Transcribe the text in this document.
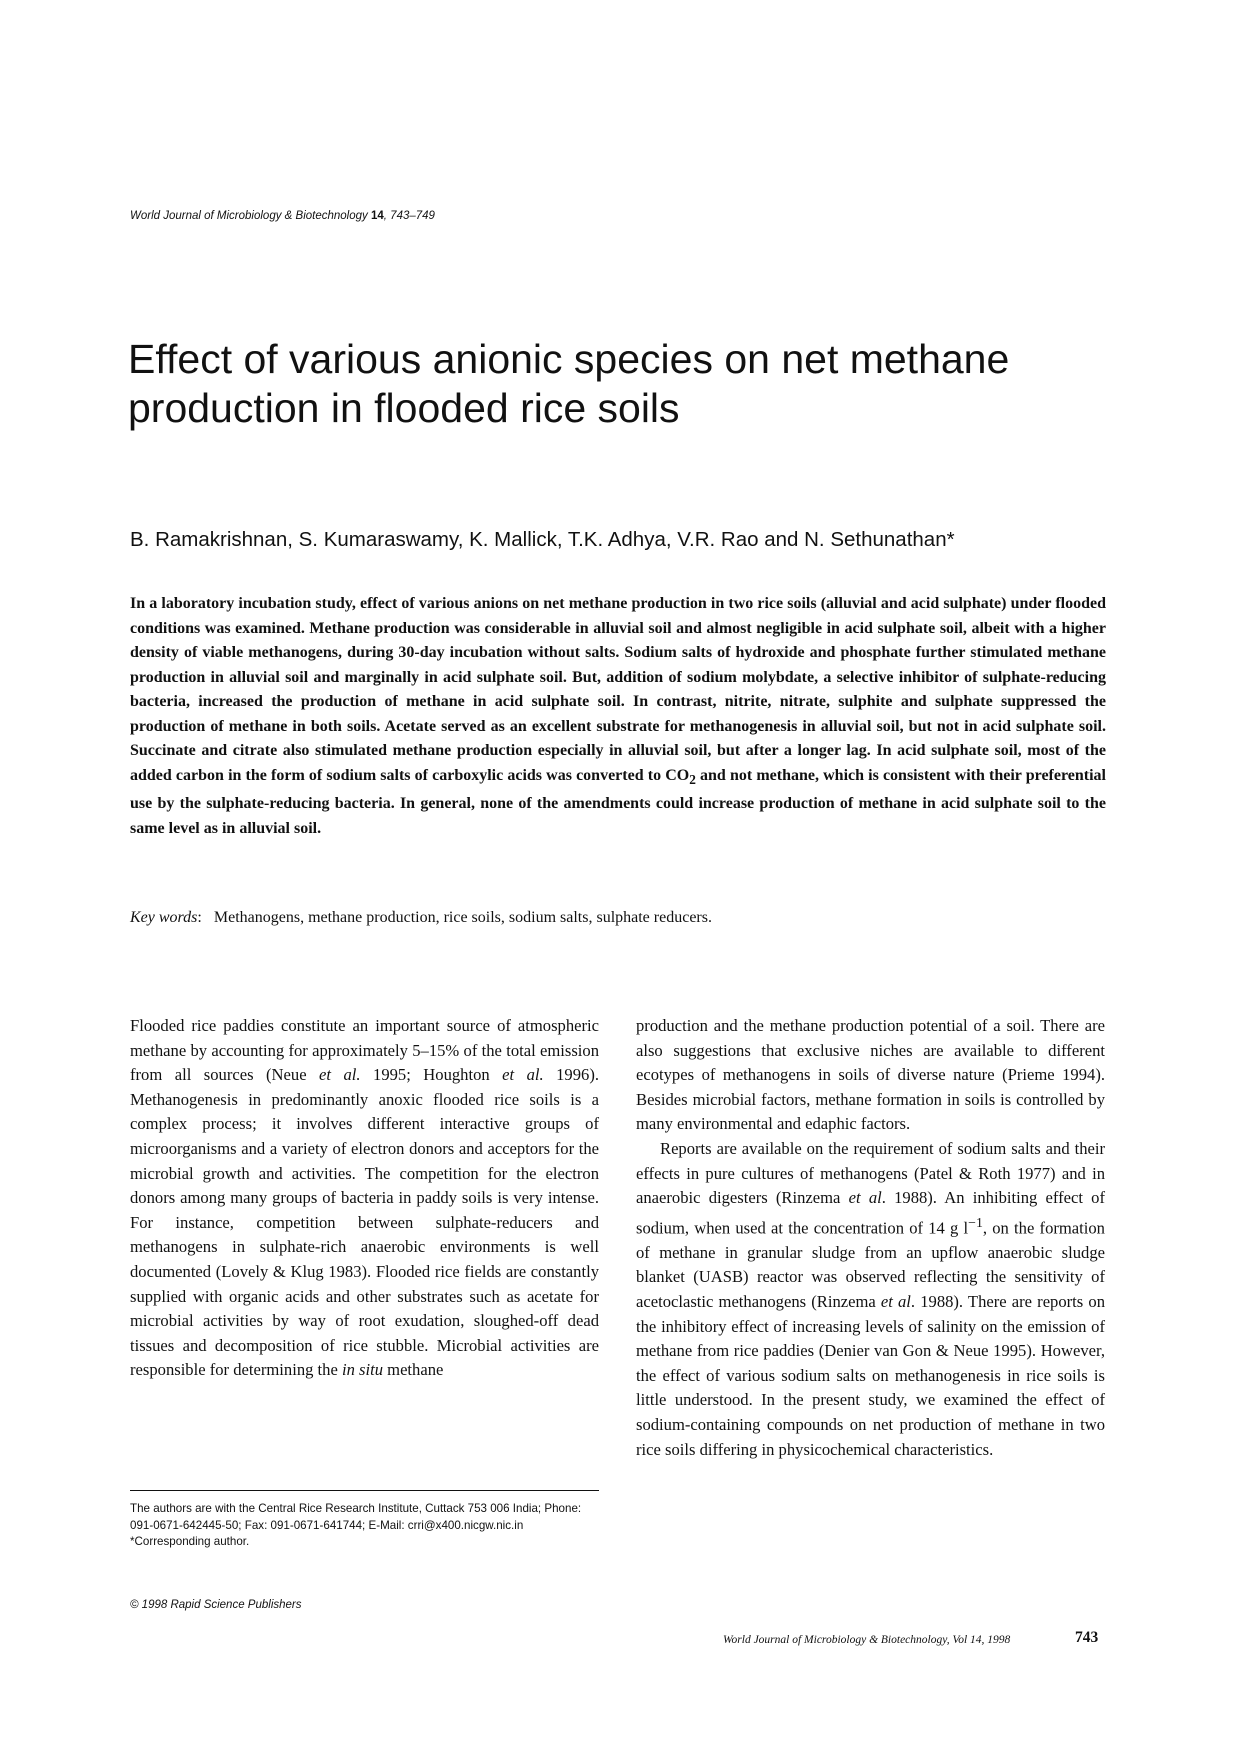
World Journal of Microbiology & Biotechnology 14, 743–749
Effect of various anionic species on net methane
production in flooded rice soils
B. Ramakrishnan, S. Kumaraswamy, K. Mallick, T.K. Adhya, V.R. Rao and N. Sethunathan*

In a laboratory incubation study, effect of various anions on net methane production in two rice soils (alluvial and acid sulphate) under flooded conditions was examined. Methane production was considerable in alluvial soil and almost negligible in acid sulphate soil, albeit with a higher density of viable methanogens, during 30-day incubation without salts. Sodium salts of hydroxide and phosphate further stimulated methane production in alluvial soil and marginally in acid sulphate soil. But, addition of sodium molybdate, a selective inhibitor of sulphate-reducing bacteria, increased the production of methane in acid sulphate soil. In contrast, nitrite, nitrate, sulphite and sulphate suppressed the production of methane in both soils. Acetate served as an excellent substrate for methanogenesis in alluvial soil, but not in acid sulphate soil. Succinate and citrate also stimulated methane production especially in alluvial soil, but after a longer lag. In acid sulphate soil, most of the added carbon in the form of sodium salts of carboxylic acids was converted to $CO_2$ and not methane, which is consistent with their preferential use by the sulphate-reducing bacteria. In general, none of the amendments could increase production of methane in acid sulphate soil to the same level as in alluvial soil.

Key words:   Methanogens, methane production, rice soils, sodium salts, sulphate reducers.

Flooded rice paddies constitute an important source of atmospheric methane by accounting for approximately 5–15% of the total emission from all sources (Neue et al. 1995; Houghton et al. 1996). Methanogenesis in predominantly anoxic flooded rice soils is a complex process; it involves different interactive groups of microorganisms and a variety of electron donors and acceptors for the microbial growth and activities. The competition for the electron donors among many groups of bacteria in paddy soils is very intense. For instance, competition between sulphate-reducers and methanogens in sulphate-rich anaerobic environments is well documented (Lovely & Klug 1983). Flooded rice fields are constantly supplied with organic acids and other substrates such as acetate for microbial activities by way of root exudation, sloughed-off dead tissues and decomposition of rice stubble. Microbial activities are responsible for determining the in situ methane

production and the methane production potential of a soil. There are also suggestions that exclusive niches are available to different ecotypes of methanogens in soils of diverse nature (Prieme 1994). Besides microbial factors, methane formation in soils is controlled by many environmental and edaphic factors.

Reports are available on the requirement of sodium salts and their effects in pure cultures of methanogens (Patel & Roth 1977) and in anaerobic digesters (Rinzema et al. 1988). An inhibiting effect of sodium, when used at the concentration of 14 g $l^{-1}$, on the formation of methane in granular sludge from an upflow anaerobic sludge blanket (UASB) reactor was observed reflecting the sensitivity of acetoclastic methanogens (Rinzema et al. 1988). There are reports on the inhibitory effect of increasing levels of salinity on the emission of methane from rice paddies (Denier van Gon & Neue 1995). However, the effect of various sodium salts on methanogenesis in rice soils is little understood. In the present study, we examined the effect of sodium-containing compounds on net production of methane in two rice soils differing in physicochemical characteristics.

The authors are with the Central Rice Research Institute, Cuttack 753 006 India; Phone: 091-0671-642445-50; Fax: 091-0671-641744; E-Mail: crri@x400.nicgw.nic.in *Corresponding author.

© 1998 Rapid Science Publishers
World Journal of Microbiology & Biotechnology, Vol 14, 1998	743
